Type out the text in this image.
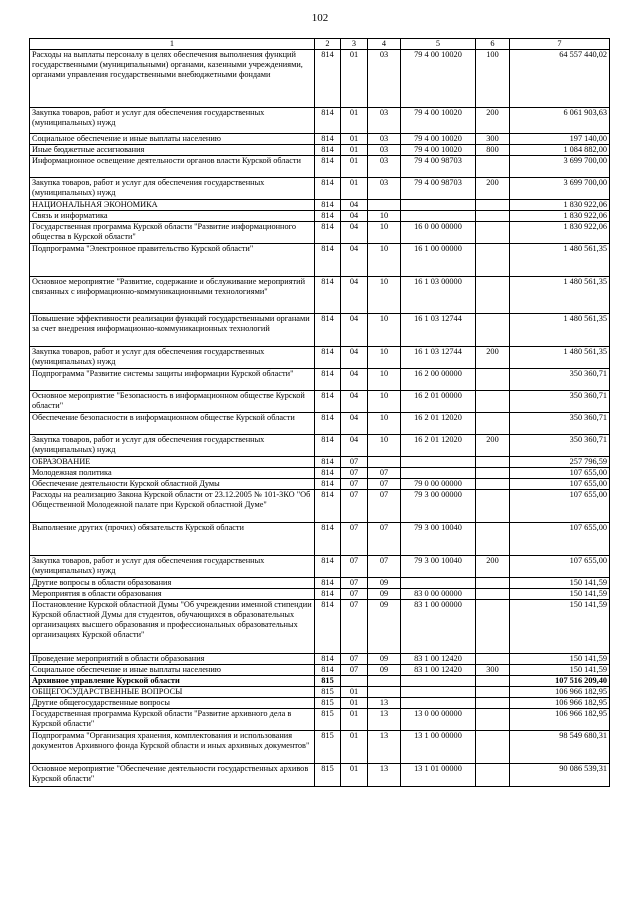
102
1	2	3	4	5	6	7
Расходы на выплаты персоналу в целях обеспечения выполнения функций государственными (муниципальными) органами, казенными учреждениями, органами управления государственными внебюджетными фондами	814	01	03	79 4 00 10020	100	64 557 440,02
Закупка товаров, работ и услуг для обеспечения государственных (муниципальных) нужд	814	01	03	79 4 00 10020	200	6 061 903,63
Социальное обеспечение и иные выплаты населению	814	01	03	79 4 00 10020	300	197 140,00
Иные бюджетные ассигнования	814	01	03	79 4 00 10020	800	1 084 882,00
Информационное освещение деятельности органов власти Курской области	814	01	03	79 4 00 98703		3 699 700,00
Закупка товаров, работ и услуг для обеспечения государственных (муниципальных) нужд	814	01	03	79 4 00 98703	200	3 699 700,00
НАЦИОНАЛЬНАЯ ЭКОНОМИКА	814	04				1 830 922,06
Связь и информатика	814	04	10			1 830 922,06
Государственная программа Курской области "Развитие информационного общества в Курской области"	814	04	10	16 0 00 00000		1 830 922,06
Подпрограмма "Электронное правительство Курской области"	814	04	10	16 1 00 00000		1 480 561,35
Основное мероприятие "Развитие, содержание и обслуживание мероприятий связанных с информационно-коммуникационными технологиями"	814	04	10	16 1 03 00000		1 480 561,35
Повышение эффективности реализации функций государственными органами за счет внедрения информационно-коммуникационных технологий	814	04	10	16 1 03 12744		1 480 561,35
Закупка товаров, работ и услуг для обеспечения государственных (муниципальных) нужд	814	04	10	16 1 03 12744	200	1 480 561,35
Подпрограмма "Развитие системы защиты информации Курской области"	814	04	10	16 2 00 00000		350 360,71
Основное мероприятие "Безопасность в информационном обществе Курской области"	814	04	10	16 2 01 00000		350 360,71
Обеспечение безопасности в информационном обществе Курской области	814	04	10	16 2 01 12020		350 360,71
Закупка товаров, работ и услуг для обеспечения государственных (муниципальных) нужд	814	04	10	16 2 01 12020	200	350 360,71
ОБРАЗОВАНИЕ	814	07				257 796,59
Молодежная политика	814	07	07			107 655,00
Обеспечение деятельности Курской областной Думы	814	07	07	79 0 00 00000		107 655,00
Расходы на реализацию Закона Курской области от 23.12.2005 № 101-ЗКО "Об Общественной Молодежной палате при Курской областной Думе"	814	07	07	79 3 00 00000		107 655,00
Выполнение других (прочих) обязательств Курской области	814	07	07	79 3 00 10040		107 655,00
Закупка товаров, работ и услуг для обеспечения государственных (муниципальных) нужд	814	07	07	79 3 00 10040	200	107 655,00
Другие вопросы в области образования	814	07	09			150 141,59
Мероприятия в области образования	814	07	09	83 0 00 00000		150 141,59
Постановление Курской областной Думы "Об учреждении именной стипендии Курской областной Думы для студентов, обучающихся в образовательных организациях высшего образования и профессиональных образовательных организациях Курской области"	814	07	09	83 1 00 00000		150 141,59
Проведение мероприятий в области образования	814	07	09	83 1 00 12420		150 141,59
Социальное обеспечение и иные выплаты населению	814	07	09	83 1 00 12420	300	150 141,59
Архивное управление Курской области	815					107 516 209,40
ОБЩЕГОСУДАРСТВЕННЫЕ ВОПРОСЫ	815	01				106 966 182,95
Другие общегосударственные вопросы	815	01	13			106 966 182,95
Государственная программа Курской области "Развитие архивного дела в Курской области"	815	01	13	13 0 00 00000		106 966 182,95
Подпрограмма "Организация хранения, комплектования и использования документов Архивного фонда Курской области и иных архивных документов"	815	01	13	13 1 00 00000		98 549 680,31
Основное мероприятие "Обеспечение деятельности государственных архивов Курской области"	815	01	13	13 1 01 00000		90 086 539,31
